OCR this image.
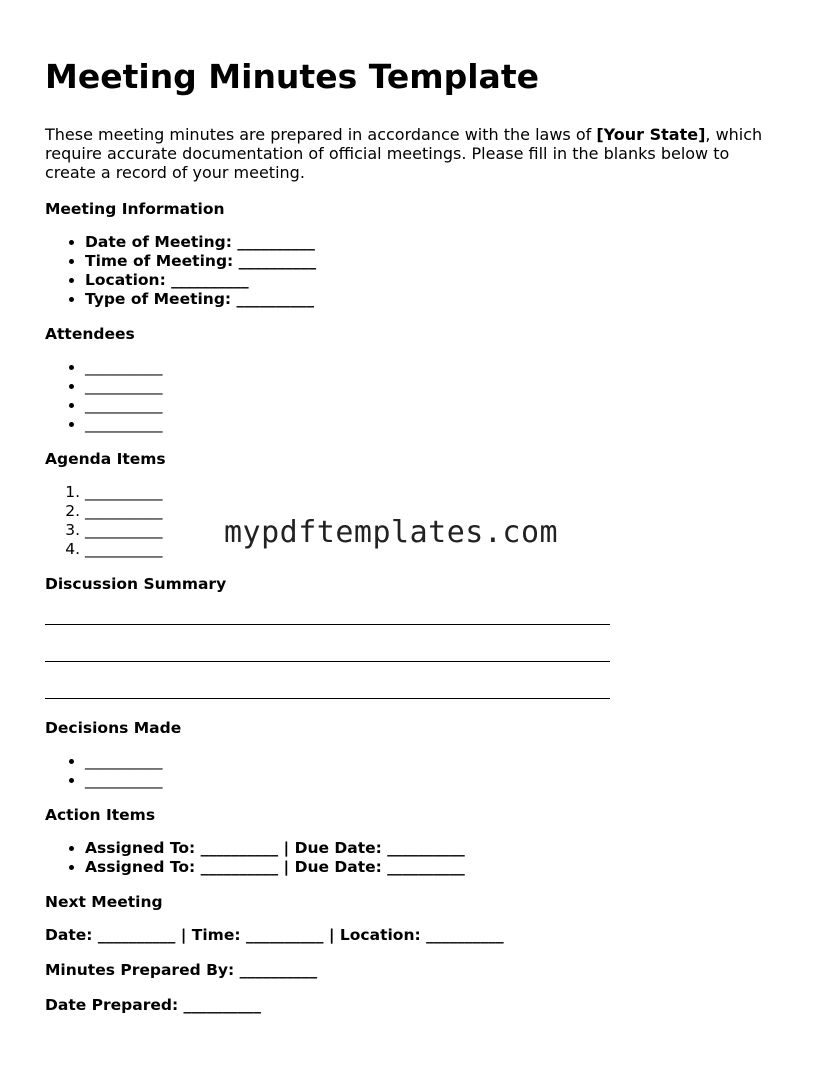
Meeting Minutes Template

These meeting minutes are prepared in accordance with the laws of [Your State], which require accurate documentation of official meetings. Please fill in the blanks below to create a record of your meeting.

Meeting Information
• Date of Meeting: __________
• Time of Meeting: __________
• Location: __________
• Type of Meeting: __________
Attendees
• __________
• __________
• __________
• __________
Agenda Items
1. __________
2. __________
3. __________
4. __________
Discussion Summary
Decisions Made
• __________
• __________
Action Items
• Assigned To: __________ | Due Date: __________
• Assigned To: __________ | Due Date: __________
Next Meeting

Date: __________ | Time: __________ | Location: __________

Minutes Prepared By: __________

Date Prepared: __________

mypdftemplates.com
